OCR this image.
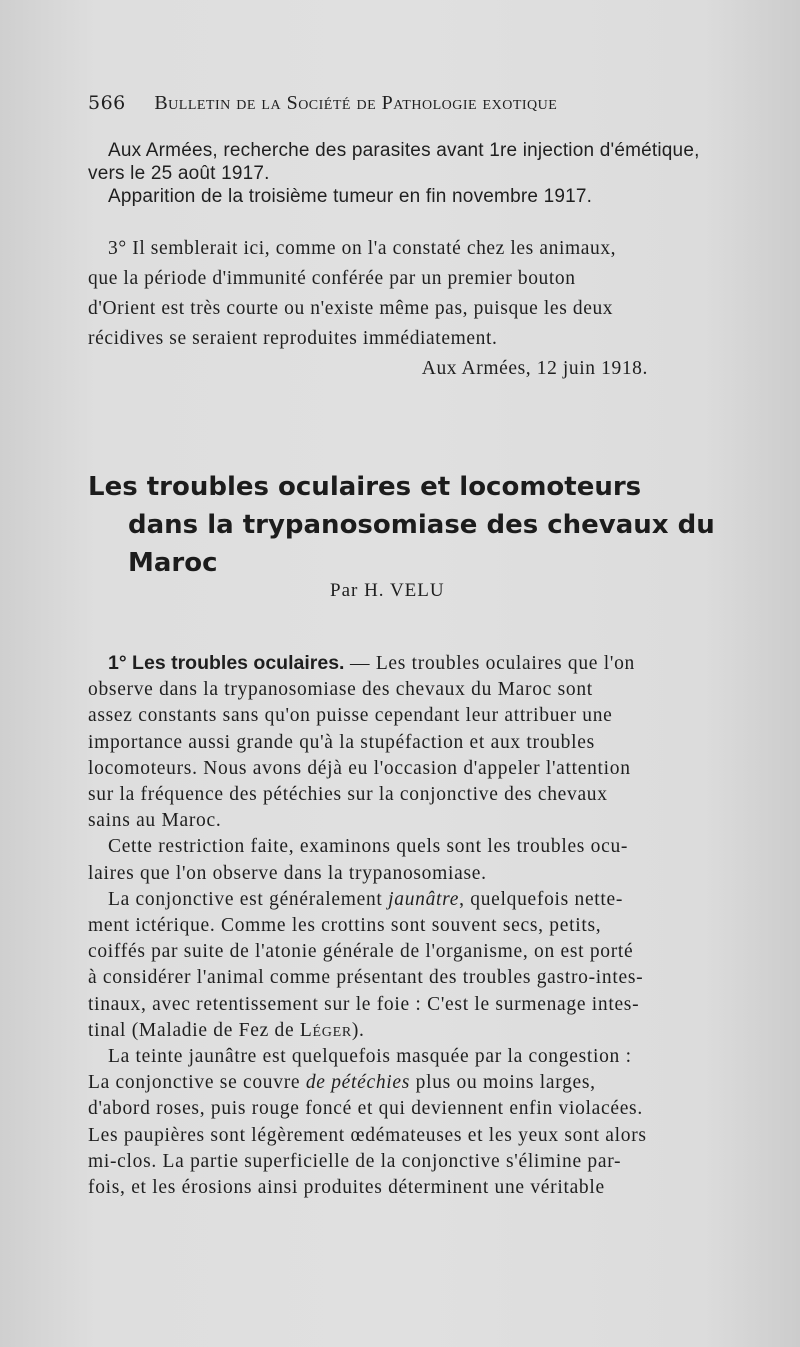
566 Bulletin de la Société de Pathologie exotique
Aux Armées, recherche des parasites avant 1re injection d'émétique,
vers le 25 août 1917.
Apparition de la troisième tumeur en fin novembre 1917.
3° Il semblerait ici, comme on l'a constaté chez les animaux,
que la période d'immunité conférée par un premier bouton
d'Orient est très courte ou n'existe même pas, puisque les deux
récidives se seraient reproduites immédiatement.
Aux Armées, 12 juin 1918.
Les troubles oculaires et locomoteurs
dans la trypanosomiase des chevaux du Maroc
Par H. VELU
1° Les troubles oculaires. — Les troubles oculaires que l'on
observe dans la trypanosomiase des chevaux du Maroc sont
assez constants sans qu'on puisse cependant leur attribuer une
importance aussi grande qu'à la stupéfaction et aux troubles
locomoteurs. Nous avons déjà eu l'occasion d'appeler l'attention
sur la fréquence des pétéchies sur la conjonctive des chevaux
sains au Maroc.
Cette restriction faite, examinons quels sont les troubles ocu-
laires que l'on observe dans la trypanosomiase.
La conjonctive est généralement jaunâtre, quelquefois nette-
ment ictérique. Comme les crottins sont souvent secs, petits,
coiffés par suite de l'atonie générale de l'organisme, on est porté
à considérer l'animal comme présentant des troubles gastro-intes-
tinaux, avec retentissement sur le foie : C'est le surmenage intes-
tinal (Maladie de Fez de Léger).
La teinte jaunâtre est quelquefois masquée par la congestion :
La conjonctive se couvre de pétéchies plus ou moins larges,
d'abord roses, puis rouge foncé et qui deviennent enfin violacées.
Les paupières sont légèrement œdémateuses et les yeux sont alors
mi-clos. La partie superficielle de la conjonctive s'élimine par-
fois, et les érosions ainsi produites déterminent une véritable
